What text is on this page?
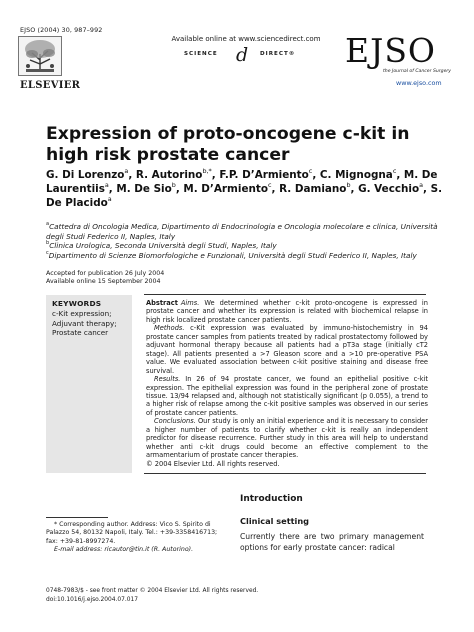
EJSO (2004) 30, 987–992
ELSEVIER
Available online at www.sciencedirect.com
SCIENCE d DIRECT® EJSO
the Journal of Cancer Surgery
www.ejso.com
Expression of proto-oncogene c-kit in high risk prostate cancer
G. Di Lorenzo$^a$, R. Autorino$^{b,*}$, F.P. D’Armiento$^c$, C. Mignogna$^c$, M. De Laurentiis$^a$, M. De Sio$^b$, M. D’Armiento$^c$, R. Damiano$^b$, G. Vecchio$^a$, S. De Placido$^a$

$^a$Cattedra di Oncologia Medica, Dipartimento di Endocrinologia e Oncologia molecolare e clinica, Università degli Studi Federico II, Naples, Italy

$^b$Clinica Urologica, Seconda Università degli Studi, Naples, Italy

$^c$Dipartimento di Scienze Biomorfologiche e Funzionali, Università degli Studi Federico II, Naples, Italy

Accepted for publication 26 July 2004
Available online 15 September 2004
KEYWORDS
c-Kit expression;
Adjuvant therapy;
Prostate cancer

Abstract Aims. We determined whether c-kit proto-oncogene is expressed in prostate cancer and whether its expression is related with biochemical relapse in high risk localized prostate cancer patients.

Methods. c-Kit expression was evaluated by immuno-histochemistry in 94 prostate cancer samples from patients treated by radical prostatectomy followed by adjuvant hormonal therapy because all patients had a pT3a stage (initially cT2 stage). All patients presented a >7 Gleason score and a >10 pre-operative PSA value. We evaluated association between c-kit positive staining and disease free survival.

Results. In 26 of 94 prostate cancer, we found an epithelial positive c-kit expression. The epithelial expression was found in the peripheral zone of prostate tissue. 13/94 relapsed and, although not statistically significant (p 0.055), a trend to a higher risk of relapse among the c-kit positive samples was observed in our series of prostate cancer patients.

Conclusions. Our study is only an initial experience and it is necessary to consider a higher number of patients to clarify whether c-kit is really an independent predictor for disease recurrence. Further study in this area will help to understand whether anti c-kit drugs could become an effective complement to the armamentarium of prostate cancer therapies.

© 2004 Elsevier Ltd. All rights reserved.

Introduction
Clinical setting
Currently there are two primary management options for early prostate cancer: radical

* Corresponding author. Address: Vico S. Spirito di Palazzo 54, 80132 Napoli, Italy. Tel.: +39-3358416713; fax: +39-81-8997274.

E-mail address: ricautor@tin.it (R. Autorino).

0748-7983/$ - see front matter © 2004 Elsevier Ltd. All rights reserved.
doi:10.1016/j.ejso.2004.07.017
